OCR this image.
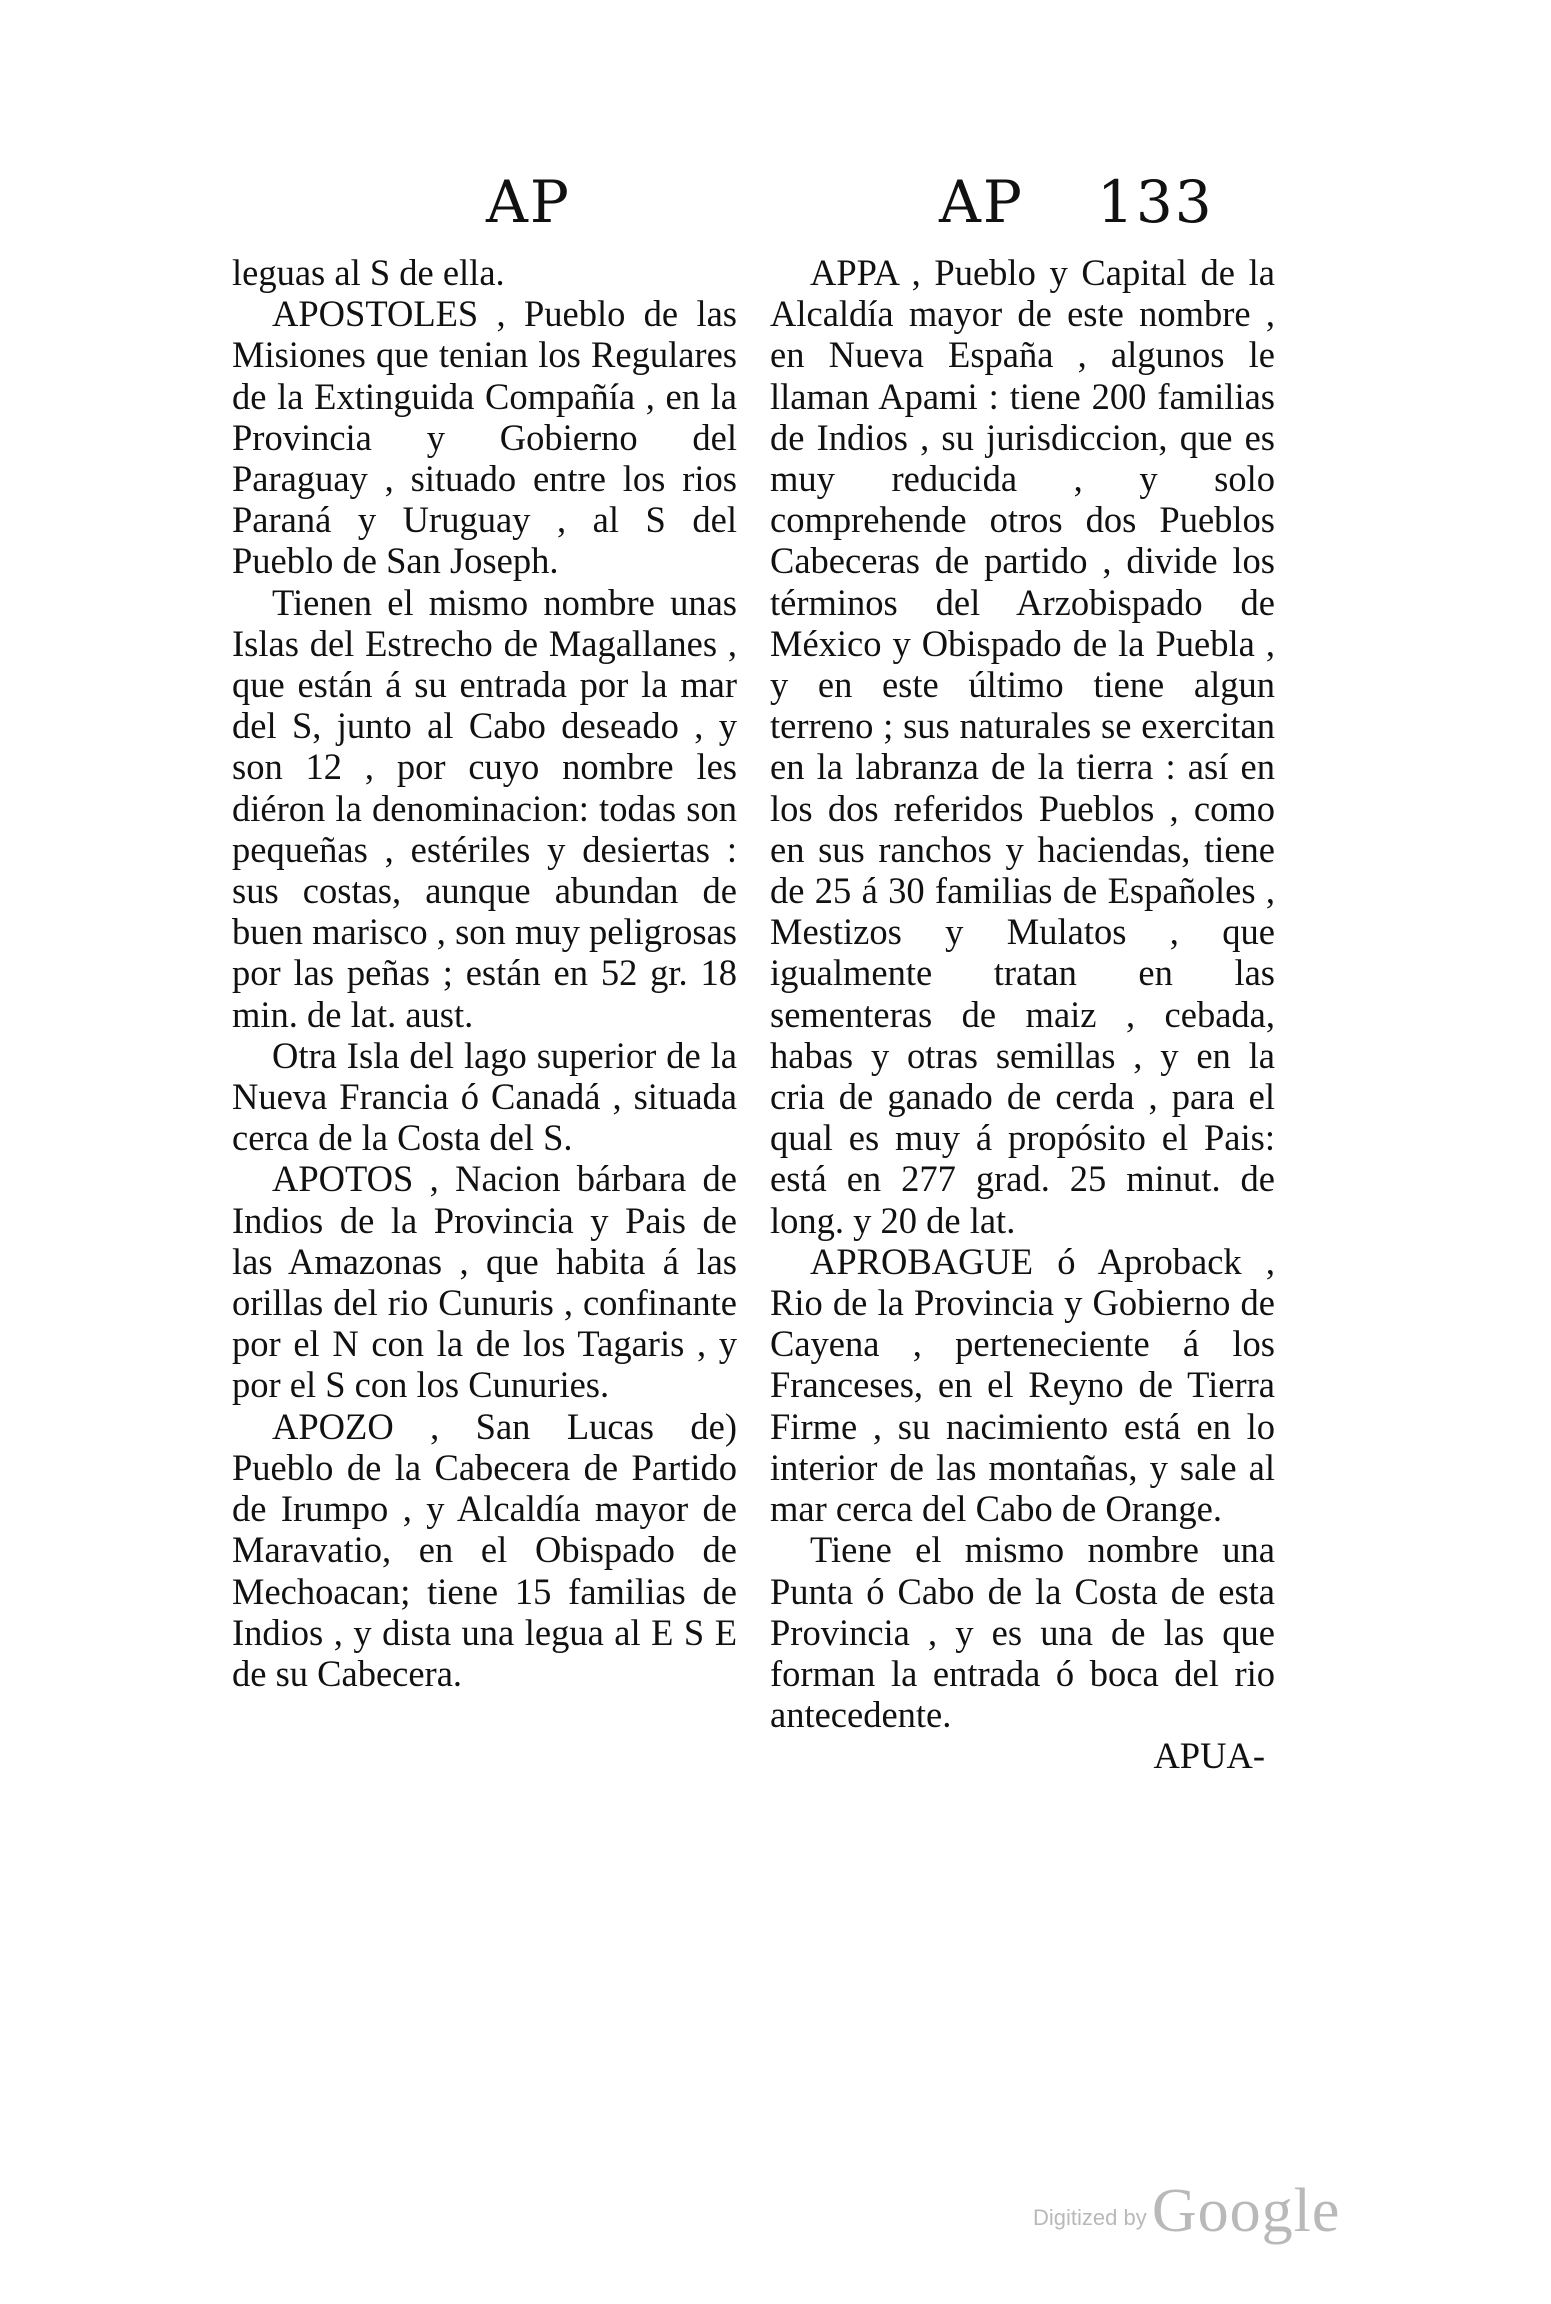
AP	AP 133

leguas al S de ella.

APOSTOLES , Pueblo de las Misiones que tenian los Regulares de la Extinguida Compañía , en la Provincia y Gobierno del Paraguay , situado entre los rios Paraná y Uruguay , al S del Pueblo de San Joseph.

Tienen el mismo nombre unas Islas del Estrecho de Magallanes , que están á su entrada por la mar del S, junto al Cabo deseado , y son 12 , por cuyo nombre les diéron la denominacion: todas son pequeñas , estériles y desiertas : sus costas, aunque abundan de buen marisco , son muy peligrosas por las peñas ; están en 52 gr. 18 min. de lat. aust.

Otra Isla del lago superior de la Nueva Francia ó Canadá , situada cerca de la Costa del S.

APOTOS , Nacion bárbara de Indios de la Provincia y Pais de las Amazonas , que habita á las orillas del rio Cunuris , confinante por el N con la de los Tagaris , y por el S con los Cunuries.

APOZO , San Lucas de) Pueblo de la Cabecera de Partido de Irumpo , y Alcaldía mayor de Maravatio, en el Obispado de Mechoacan; tiene 15 familias de Indios , y dista una legua al E S E de su Cabecera.

APPA , Pueblo y Capital de la Alcaldía mayor de este nombre , en Nueva España , algunos le llaman Apami : tiene 200 familias de Indios , su jurisdiccion, que es muy reducida , y solo comprehende otros dos Pueblos Cabeceras de partido , divide los términos del Arzobispado de México y Obispado de la Puebla , y en este último tiene algun terreno ; sus naturales se exercitan en la labranza de la tierra : así en los dos referidos Pueblos , como en sus ranchos y haciendas, tiene de 25 á 30 familias de Españoles , Mestizos y Mulatos , que igualmente tratan en las sementeras de maiz , cebada, habas y otras semillas , y en la cria de ganado de cerda , para el qual es muy á propósito el Pais: está en 277 grad. 25 minut. de long. y 20 de lat.

APROBAGUE ó Aproback , Rio de la Provincia y Gobierno de Cayena , perteneciente á los Franceses, en el Reyno de Tierra Firme , su nacimiento está en lo interior de las montañas, y sale al mar cerca del Cabo de Orange.

Tiene el mismo nombre una Punta ó Cabo de la Costa de esta Provincia , y es una de las que forman la entrada ó boca del rio antecedente.

APUA-

Digitized by Google
